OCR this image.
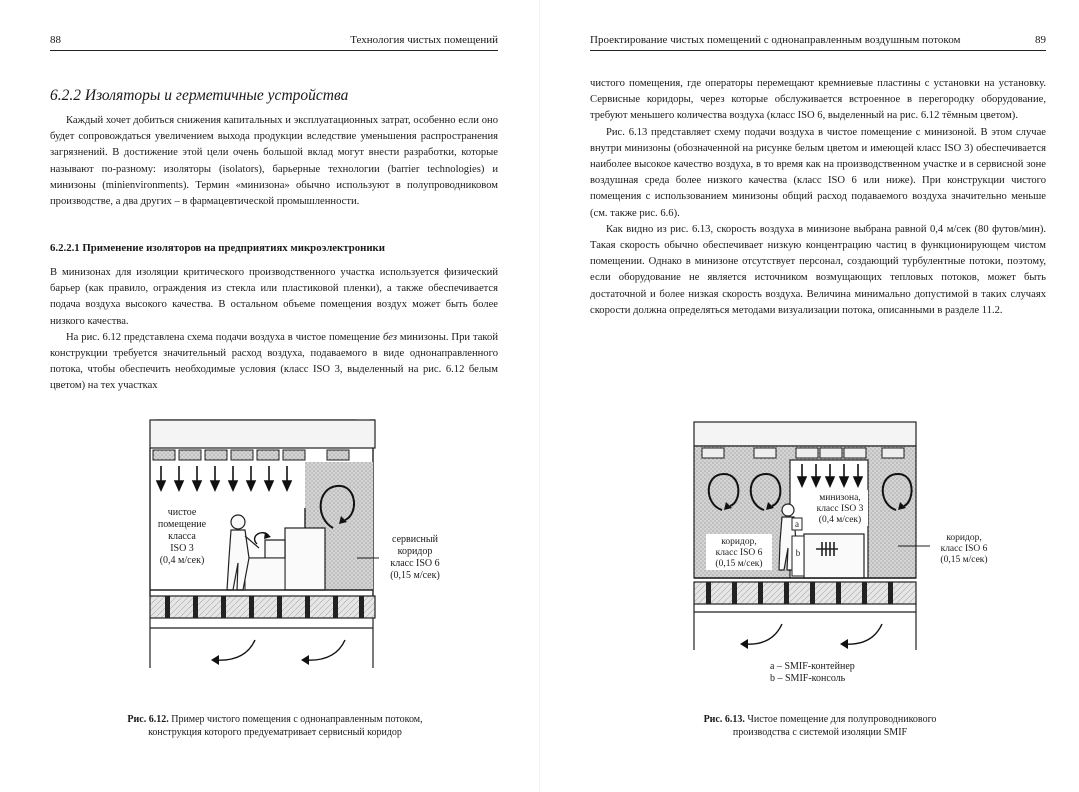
88	Технология чистых помещений
6.2.2 Изоляторы и герметичные устройства

Каждый хочет добиться снижения капитальных и эксплуатационных затрат, особенно если оно будет сопровождаться увеличением выхода продукции вследствие уменьшения распространения загрязнений. В достижение этой цели очень большой вклад могут внести разработки, которые называют по-разному: изоляторы (isolators), барьерные технологии (barrier technologies) и минизоны (minienvironments). Термин «минизона» обычно используют в полупроводниковом производстве, а два других – в фармацевтической промышленности.

6.2.2.1 Применение изоляторов на предприятиях микроэлектроники

В минизонах для изоляции критического производственного участка используется физический барьер (как правило, ограждения из стекла или пластиковой пленки), а также обеспечивается подача воздуха высокого качества. В остальном объеме помещения воздух может быть более низкого качества.

На рис. 6.12 представлена схема подачи воздуха в чистое помещение без минизоны. При такой конструкции требуется значительный расход воздуха, подаваемого в виде однонаправленного потока, чтобы обеспечить необходимые условия (класс ISO 3, выделенный на рис. 6.12 белым цветом) на тех участках

чистое
помещение
класса
ISO 3
(0,4 м/сек)
сервисный
коридор
класс ISO 6
(0,15 м/сек)
Рис. 6.12. Пример чистого помещения с однонаправленным потоком,
конструкция которого предуематривает сервисный коридор
Проектирование чистых помещений с однонаправленным воздушным потоком	89

чистого помещения, где операторы перемещают кремниевые пластины с установки на установку. Сервисные коридоры, через которые обслуживается встроенное в перегородку оборудование, требуют меньшего количества воздуха (класс ISO 6, выделенный на рис. 6.12 тёмным цветом).

Рис. 6.13 представляет схему подачи воздуха в чистое помещение с минизоной. В этом случае внутри минизоны (обозначенной на рисунке белым цветом и имеющей класс ISO 3) обеспечивается наиболее высокое качество воздуха, в то время как на производственном участке и в сервисной зоне воздушная среда более низкого качества (класс ISO 6 или ниже). При конструкции чистого помещения с использованием минизоны общий расход подаваемого воздуха значительно меньше (см. также рис. 6.6).

Как видно из рис. 6.13, скорость воздуха в минизоне выбрана равной 0,4 м/сек (80 футов/мин). Такая скорость обычно обеспечивает низкую концентрацию частиц в функционирующем чистом помещении. Однако в минизоне отсутствует персонал, создающий турбулентные потоки, поэтому, если оборудование не является источником возмущающих тепловых потоков, может быть достаточной и более низкая скорость воздуха. Величина минимально допустимой в таких случаях скорости должна определяться методами визуализации потока, описанными в разделе 11.2.

минизона,
класс ISO 3
(0,4 м/сек)
b
a
коридор,
класс ISO 6
(0,15 м/сек)
коридор,
класс ISO 6
(0,15 м/сек)
a – SMIF-контейнер
b – SMIF-консоль
Рис. 6.13. Чистое помещение для полупроводникового
производства с системой изоляции SMIF
